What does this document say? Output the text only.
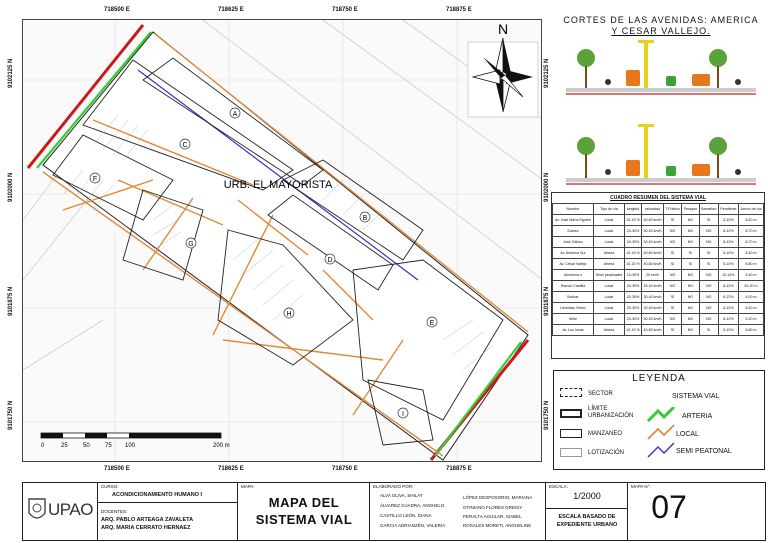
718500 E	718625 E	718750 E	718875 E
718500 E	718625 E	718750 E	718875 E
9102125 N
9102000 N
9101875 N
9101750 N
9102125 N
9102000 N
9101875 N
9101750 N
A
B
C
D
E
F
G
H
I
URB. EL MAYORISTA
N
0	25	50	75 100	200 m
CORTES DE LAS AVENIDAS: AMERICA
Y CESAR VALLEJO.
CUADRO RESUMEN DEL SISTEMA VIAL
Nombre	Tipo de vía	longitud	velocidad	T.Público	Peraque	Semaforo	Pendiente	Ancho de vía
Av. José María Eguren	Local	10-15 %	40-60 km/h	SI	NO	SI	5-10%	8.40 m
Suarez	Local	20-30%	30-40 km/h	NO	NO	NO	8-12%	8.70 m
José Gálvez	Local	20-30%	30-40 km/h	NO	NO	NO	8-12%	8.70 m
Av. América Sur	Arteria	10-15 %	40-60 km/h	SI	SI	SI	5-10%	8.40 m
Av. César Vallejo	Arteria	10-15 %	40-60 km/h	SI	SI	SI	5-10%	8.80 m
Alcerreca n	Semi peatonales	10-30%	20 km/h	NO	NO	NO	10-14%	5.40 m
Ramón Castilla	Local	20-30%	25-40 km/h	NO	NO	NO	8-12%	61.20 m
Bolívar	Local	20-30%	30-40 km/h	SI	NO	NO	8-12%	6.00 m
Leonidas Yerovi	Local	20-30%	30-40 km/h	SI	NO	NO	8-12%	6.40 m
Mitre	Local	20-30%	30-40 km/h	NO	NO	NO	8-12%	6.20 m
Av. Los Incas	Arteria	10-15 %	40-60 km/h	SI	NO	SI	5-10%	8.80 m
LEYENDA
SECTOR
LÍMITE URBANIZACIÓN
MANZANEO
LOTIZACIÓN
SISTEMA VIAL
ARTERIA
LOCAL
SEMI PEATONAL
UPAO
CURSO:
ACONDICIONAMIENTO HUMANO I
DOCENTES:
ARQ. PABLO ARTEAGA ZAVALETA
ARQ. MARIA CERRATO HERNAEZ
MAPA:
MAPA DEL
SISTEMA VIAL
ELABORADO POR:
ALVA OLIVA, SHILAT
ÁLVAREZ CUADRA, ANGHELO
CASTILLO LEÓN, DIANA
GARCIA ADRIANZÉN, VALERIA
LÓPEZ DESPOSORIO, MARIANA
OTINIANO FLORES GREISY
PERALTA AGUILAR, ISABEL
ROSALES MORETI, ANGHELINE
ESCALA:
1/2000
ESCALA BASADO DE
EXPEDIENTE URBANO
MAPA N°:
07
